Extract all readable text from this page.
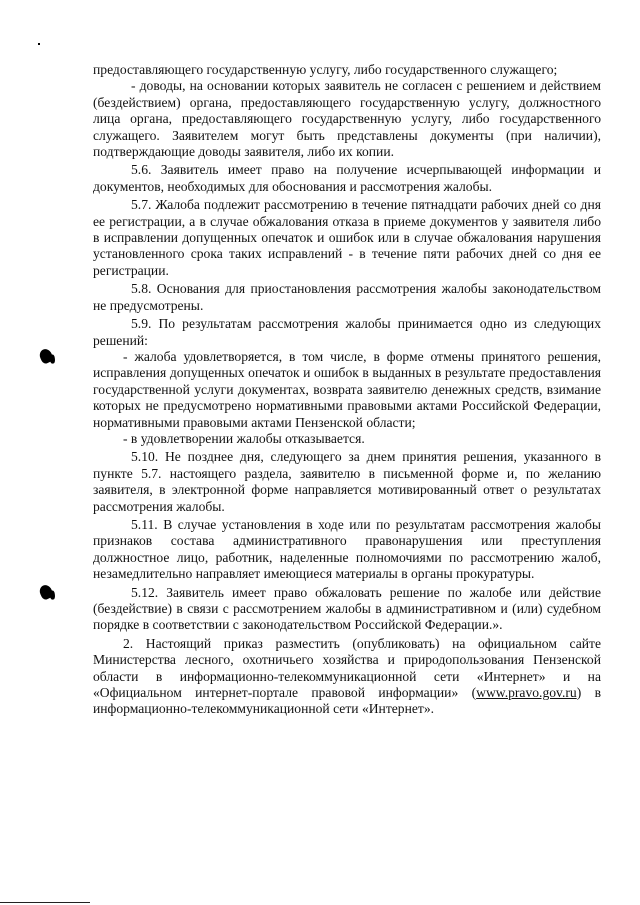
предоставляющего государственную услугу, либо государственного служащего;

- доводы, на основании которых заявитель не согласен с решением и действием (бездействием) органа, предоставляющего государственную услугу, должностного лица органа, предоставляющего государственную услугу, либо государственного служащего. Заявителем могут быть представлены документы (при наличии), подтверждающие доводы заявителя, либо их копии.

5.6. Заявитель имеет право на получение исчерпывающей информации и документов, необходимых для обоснования и рассмотрения жалобы.

5.7. Жалоба подлежит рассмотрению в течение пятнадцати рабочих дней со дня ее регистрации, а в случае обжалования отказа в приеме документов у заявителя либо в исправлении допущенных опечаток и ошибок или в случае обжалования нарушения установленного срока таких исправлений - в течение пяти рабочих дней со дня ее регистрации.

5.8. Основания для приостановления рассмотрения жалобы законодательством не предусмотрены.

5.9. По результатам рассмотрения жалобы принимается одно из следующих решений:

- жалоба удовлетворяется, в том числе, в форме отмены принятого решения, исправления допущенных опечаток и ошибок в выданных в результате предоставления государственной услуги документах, возврата заявителю денежных средств, взимание которых не предусмотрено нормативными правовыми актами Российской Федерации, нормативными правовыми актами Пензенской области;

- в удовлетворении жалобы отказывается.

5.10. Не позднее дня, следующего за днем принятия решения, указанного в пункте 5.7. настоящего раздела, заявителю в письменной форме и, по желанию заявителя, в электронной форме направляется мотивированный ответ о результатах рассмотрения жалобы.

5.11. В случае установления в ходе или по результатам рассмотрения жалобы признаков состава административного правонарушения или преступления должностное лицо, работник, наделенные полномочиями по рассмотрению жалоб, незамедлительно направляет имеющиеся материалы в органы прокуратуры.

5.12. Заявитель имеет право обжаловать решение по жалобе или действие (бездействие) в связи с рассмотрением жалобы в административном и (или) судебном порядке в соответствии с законодательством Российской Федерации.».

2. Настоящий приказ разместить (опубликовать) на официальном сайте Министерства лесного, охотничьего хозяйства и природопользования Пензенской области в информационно-телекоммуникационной сети «Интернет» и на «Официальном интернет-портале правовой информации» (www.pravo.gov.ru) в информационно-телекоммуникационной сети «Интернет».
